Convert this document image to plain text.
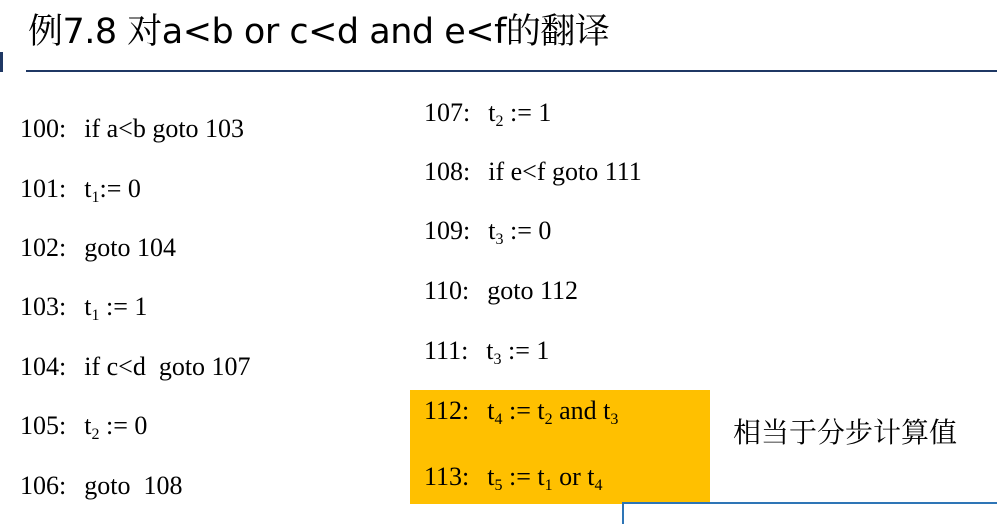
例7.8 对a<b or c<d and e<f的翻译
100: if a<b goto 103
101: $t_1:= 0$
102: goto 104
103: $t_1$ := 1
104: if c<d  goto 107
105: $t_2$ := 0
106: goto  108
107: $t_2$ := 1
108: if e<f goto 111
109: $t_3$ := 0
110: goto 112
111: $t_3$ := 1
112: $t_4$ := $t_2$ and $t_3$
113: $t_5$ := $t_1$ or $t_4$
相当于分步计算值
